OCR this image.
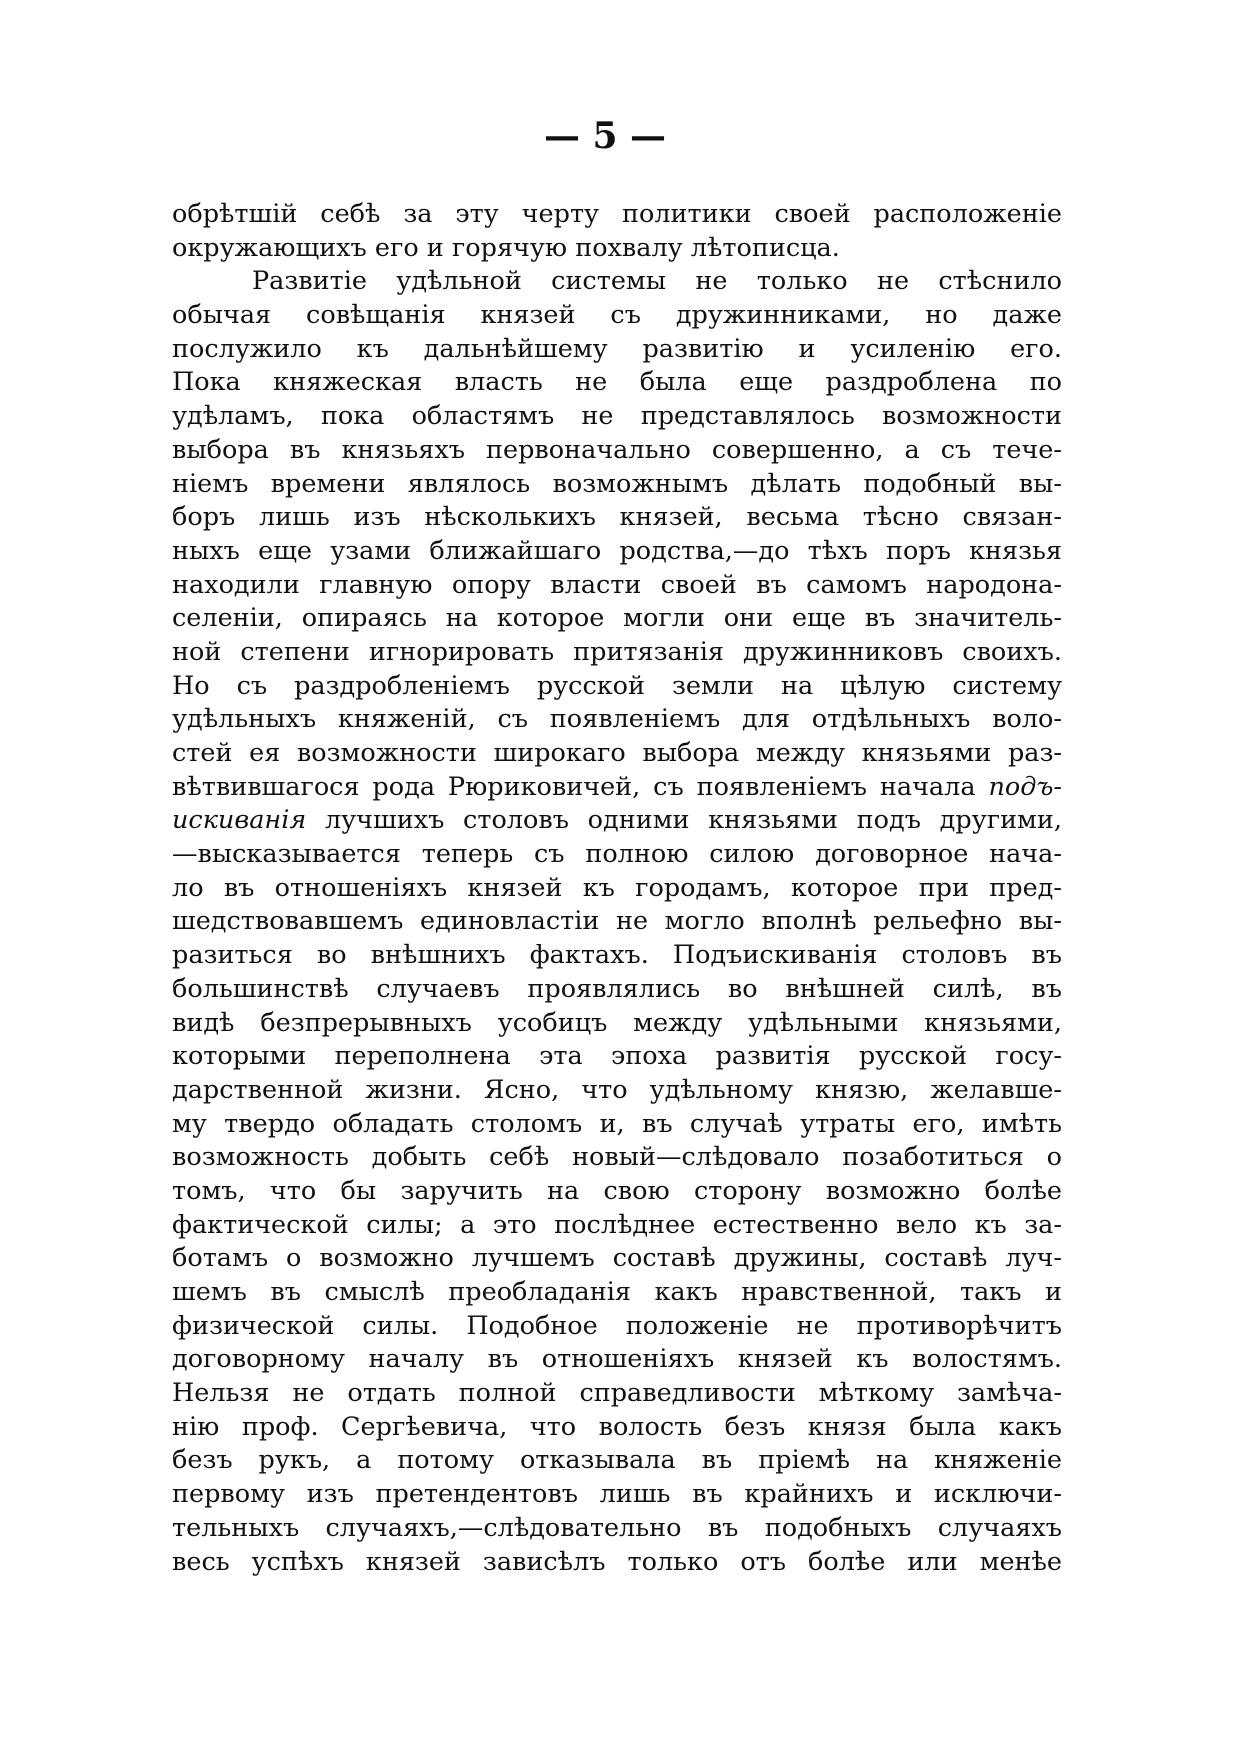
— 5 —
обрѣтшій себѣ за эту черту политики своей расположеніе
окружающихъ его и горячую похвалу лѣтописца.
Развитіе удѣльной системы не только не стѣснило
обычая совѣщанія князей съ дружинниками, но даже
послужило къ дальнѣйшему развитію и усиленію его.
Пока княжеская власть не была еще раздроблена по
удѣламъ, пока областямъ не представлялось возможности
выбора въ князьяхъ первоначально совершенно, а съ тече-
ніемъ времени являлось возможнымъ дѣлать подобный вы-
боръ лишь изъ нѣсколькихъ князей, весьма тѣсно связан-
ныхъ еще узами ближайшаго родства,—до тѣхъ поръ князья
находили главную опору власти своей въ самомъ народона-
селеніи, опираясь на которое могли они еще въ значитель-
ной степени игнорировать притязанія дружинниковъ своихъ.
Но съ раздробленіемъ русской земли на цѣлую систему
удѣльныхъ княженій, съ появленіемъ для отдѣльныхъ воло-
стей ея возможности широкаго выбора между князьями раз-
вѣтвившагося рода Рюриковичей, съ появленіемъ начала подъ-
искиванія лучшихъ столовъ одними князьями подъ другими,
—высказывается теперь съ полною силою договорное нача-
ло въ отношеніяхъ князей къ городамъ, которое при пред-
шедствовавшемъ единовластіи не могло вполнѣ рельефно вы-
разиться во внѣшнихъ фактахъ. Подъискиванія столовъ въ
большинствѣ случаевъ проявлялись во внѣшней силѣ, въ
видѣ безпрерывныхъ усобицъ между удѣльными князьями,
которыми переполнена эта эпоха развитія русской госу-
дарственной жизни. Ясно, что удѣльному князю, желавше-
му твердо обладать столомъ и, въ случаѣ утраты его, имѣть
возможность добыть себѣ новый—слѣдовало позаботиться о
томъ, что бы заручить на свою сторону возможно болѣе
фактической силы; а это послѣднее естественно вело къ за-
ботамъ о возможно лучшемъ составѣ дружины, составѣ луч-
шемъ въ смыслѣ преобладанія какъ нравственной, такъ и
физической силы. Подобное положеніе не противорѣчитъ
договорному началу въ отношеніяхъ князей къ волостямъ.
Нельзя не отдать полной справедливости мѣткому замѣча-
нію проф. Сергѣевича, что волость безъ князя была какъ
безъ рукъ, а потому отказывала въ пріемѣ на княженіе
первому изъ претендентовъ лишь въ крайнихъ и исключи-
тельныхъ случаяхъ,—слѣдовательно въ подобныхъ случаяхъ
весь успѣхъ князей зависѣлъ только отъ болѣе или менѣе
